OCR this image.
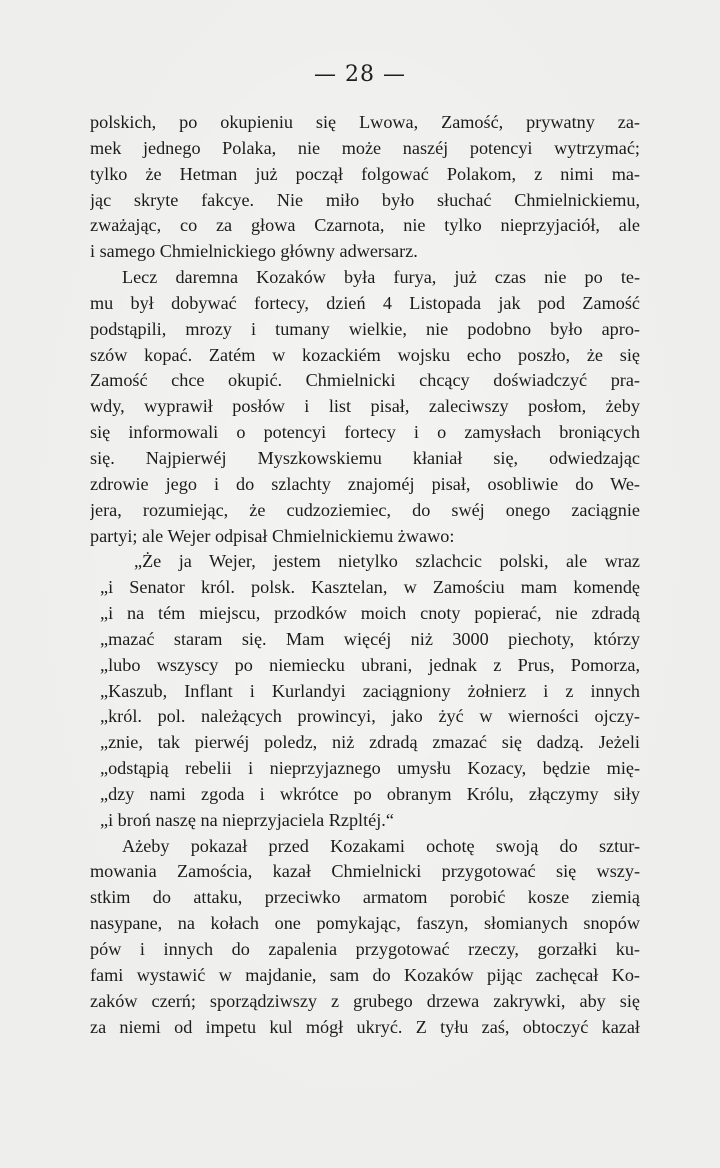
— 28 —
polskich, po okupieniu się Lwowa, Zamość, prywatny za-
mek jednego Polaka, nie może naszéj potencyi wytrzymać;
tylko że Hetman już począł folgować Polakom, z nimi ma-
jąc skryte fakcye. Nie miło było słuchać Chmielnickiemu,
zważając, co za głowa Czarnota, nie tylko nieprzyjaciół, ale
i samego Chmielnickiego główny adwersarz.
Lecz daremna Kozaków była furya, już czas nie po te-
mu był dobywać fortecy, dzień 4 Listopada jak pod Zamość
podstąpili, mrozy i tumany wielkie, nie podobno było apro-
szów kopać. Zatém w kozackiém wojsku echo poszło, że się
Zamość chce okupić. Chmielnicki chcący doświadczyć pra-
wdy, wyprawił posłów i list pisał, zaleciwszy posłom, żeby
się informowali o potencyi fortecy i o zamysłach broniących
się. Najpierwéj Myszkowskiemu kłaniał się, odwiedzając
zdrowie jego i do szlachty znajoméj pisał, osobliwie do We-
jera, rozumiejąc, że cudzoziemiec, do swéj onego zaciągnie
partyi; ale Wejer odpisał Chmielnickiemu żwawo:
„Że ja Wejer, jestem nietylko szlachcic polski, ale wraz
„i Senator król. polsk. Kasztelan, w Zamościu mam komendę
„i na tém miejscu, przodków moich cnoty popierać, nie zdradą
„mazać staram się. Mam więcéj niż 3000 piechoty, którzy
„lubo wszyscy po niemiecku ubrani, jednak z Prus, Pomorza,
„Kaszub, Inflant i Kurlandyi zaciągniony żołnierz i z innych
„król. pol. należących prowincyi, jako żyć w wierności ojczy-
„znie, tak pierwéj poledz, niż zdradą zmazać się dadzą. Jeżeli
„odstąpią rebelii i nieprzyjaznego umysłu Kozacy, będzie mię-
„dzy nami zgoda i wkrótce po obranym Królu, złączymy siły
„i broń naszę na nieprzyjaciela Rzpltéj.“
Ażeby pokazał przed Kozakami ochotę swoją do sztur-
mowania Zamościa, kazał Chmielnicki przygotować się wszy-
stkim do attaku, przeciwko armatom porobić kosze ziemią
nasypane, na kołach one pomykając, faszyn, słomianych snopów
pów i innych do zapalenia przygotować rzeczy, gorzałki ku-
fami wystawić w majdanie, sam do Kozaków pijąc zachęcał Ko-
zaków czerń; sporządziwszy z grubego drzewa zakrywki, aby się
za niemi od impetu kul mógł ukryć. Z tyłu zaś, obtoczyć kazał
